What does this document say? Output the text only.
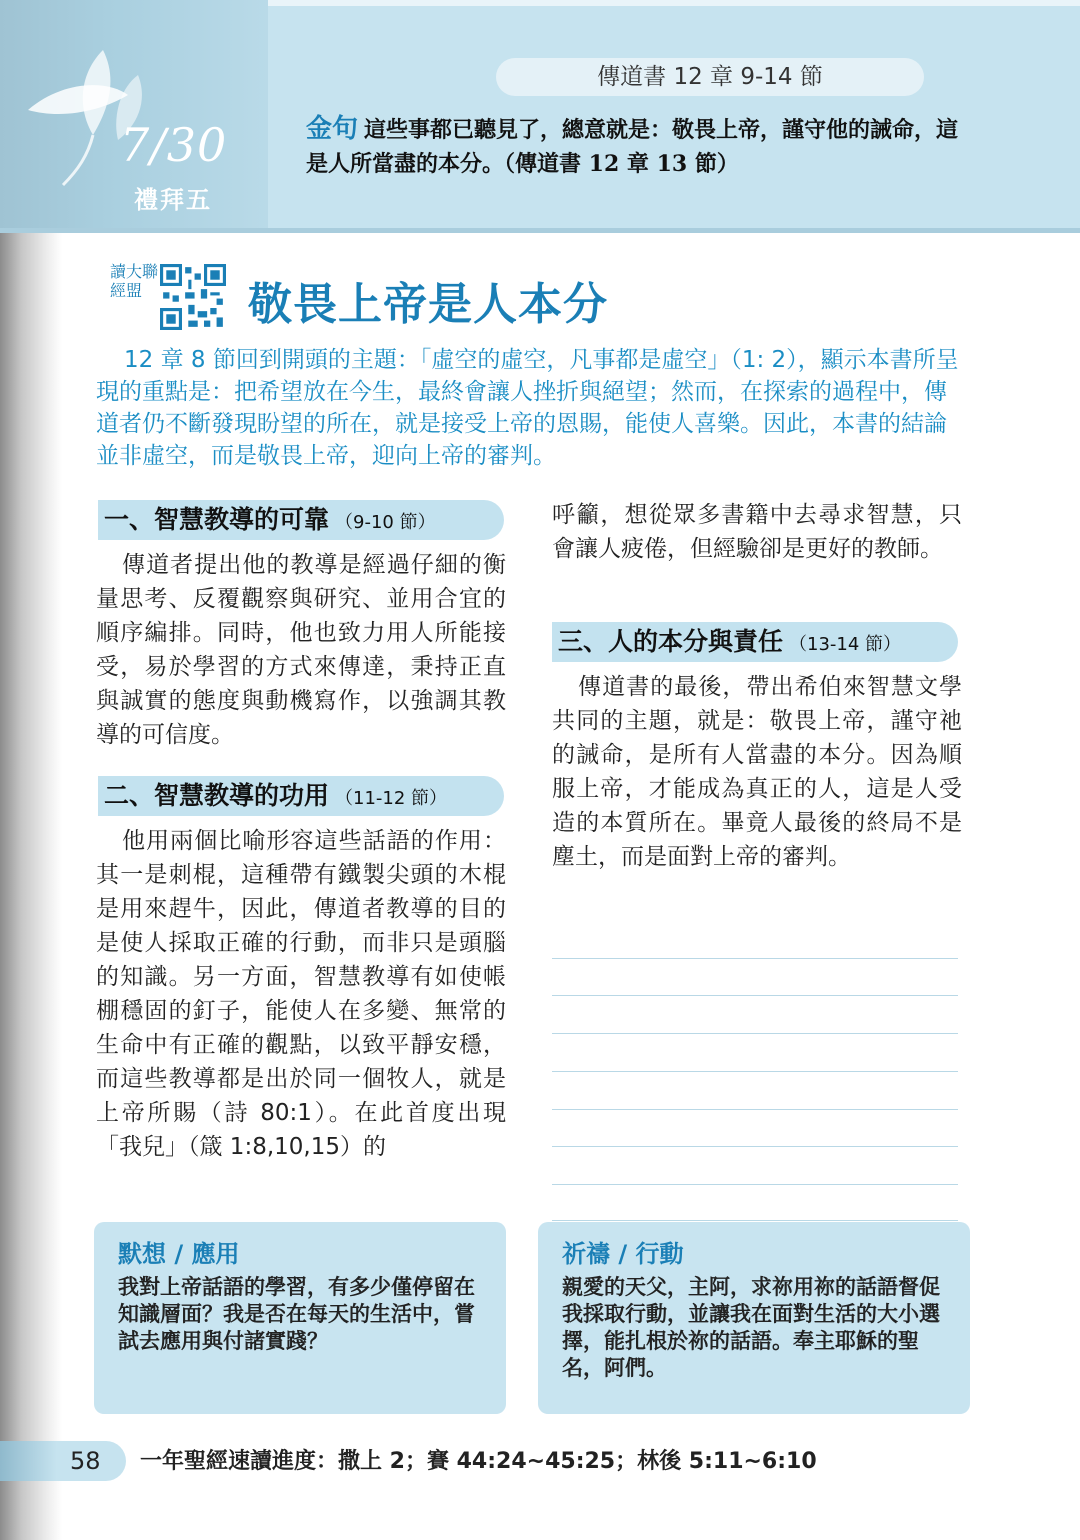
7/30
禮拜五
傳道書 12 章 9-14 節
金句 這些事都已聽見了，總意就是：敬畏上帝，謹守他的誡命，這是人所當盡的本分。（傳道書 12 章 13 節）
讀大聯經盟	敬畏上帝是人本分
12 章 8 節回到開頭的主題：「虛空的虛空，凡事都是虛空」（1: 2），顯示本書所呈現的重點是：把希望放在今生，最終會讓人挫折與絕望；然而，在探索的過程中，傳道者仍不斷發現盼望的所在，就是接受上帝的恩賜，能使人喜樂。因此，本書的結論並非虛空，而是敬畏上帝，迎向上帝的審判。
一、智慧教導的可靠 （9-10 節）
傳道者提出他的教導是經過仔細的衡量思考、反覆觀察與研究、並用合宜的順序編排。同時，他也致力用人所能接受，易於學習的方式來傳達，秉持正直與誠實的態度與動機寫作，以強調其教導的可信度。
二、智慧教導的功用 （11-12 節）
他用兩個比喻形容這些話語的作用：其一是刺棍，這種帶有鐵製尖頭的木棍是用來趕牛，因此，傳道者教導的目的是使人採取正確的行動，而非只是頭腦的知識。另一方面，智慧教導有如使帳棚穩固的釘子，能使人在多變、無常的生命中有正確的觀點，以致平靜安穩，而這些教導都是出於同一個牧人，就是上帝所賜（詩 80:1）。在此首度出現「我兒」（箴 1:8,10,15）的
呼籲，想從眾多書籍中去尋求智慧，只會讓人疲倦，但經驗卻是更好的教師。
三、人的本分與責任 （13-14 節）
傳道書的最後，帶出希伯來智慧文學共同的主題，就是：敬畏上帝，謹守祂的誡命，是所有人當盡的本分。因為順服上帝，才能成為真正的人，這是人受造的本質所在。畢竟人最後的終局不是塵土，而是面對上帝的審判。
默想 / 應用
我對上帝話語的學習，有多少僅停留在知識層面？我是否在每天的生活中，嘗試去應用與付諸實踐？
祈禱 / 行動
親愛的天父，主阿，求祢用祢的話語督促我採取行動，並讓我在面對生活的大小選擇，能扎根於祢的話語。奉主耶穌的聖名，阿們。
58 一年聖經速讀進度：撒上 2；賽 44:24~45:25；林後 5:11~6:10
